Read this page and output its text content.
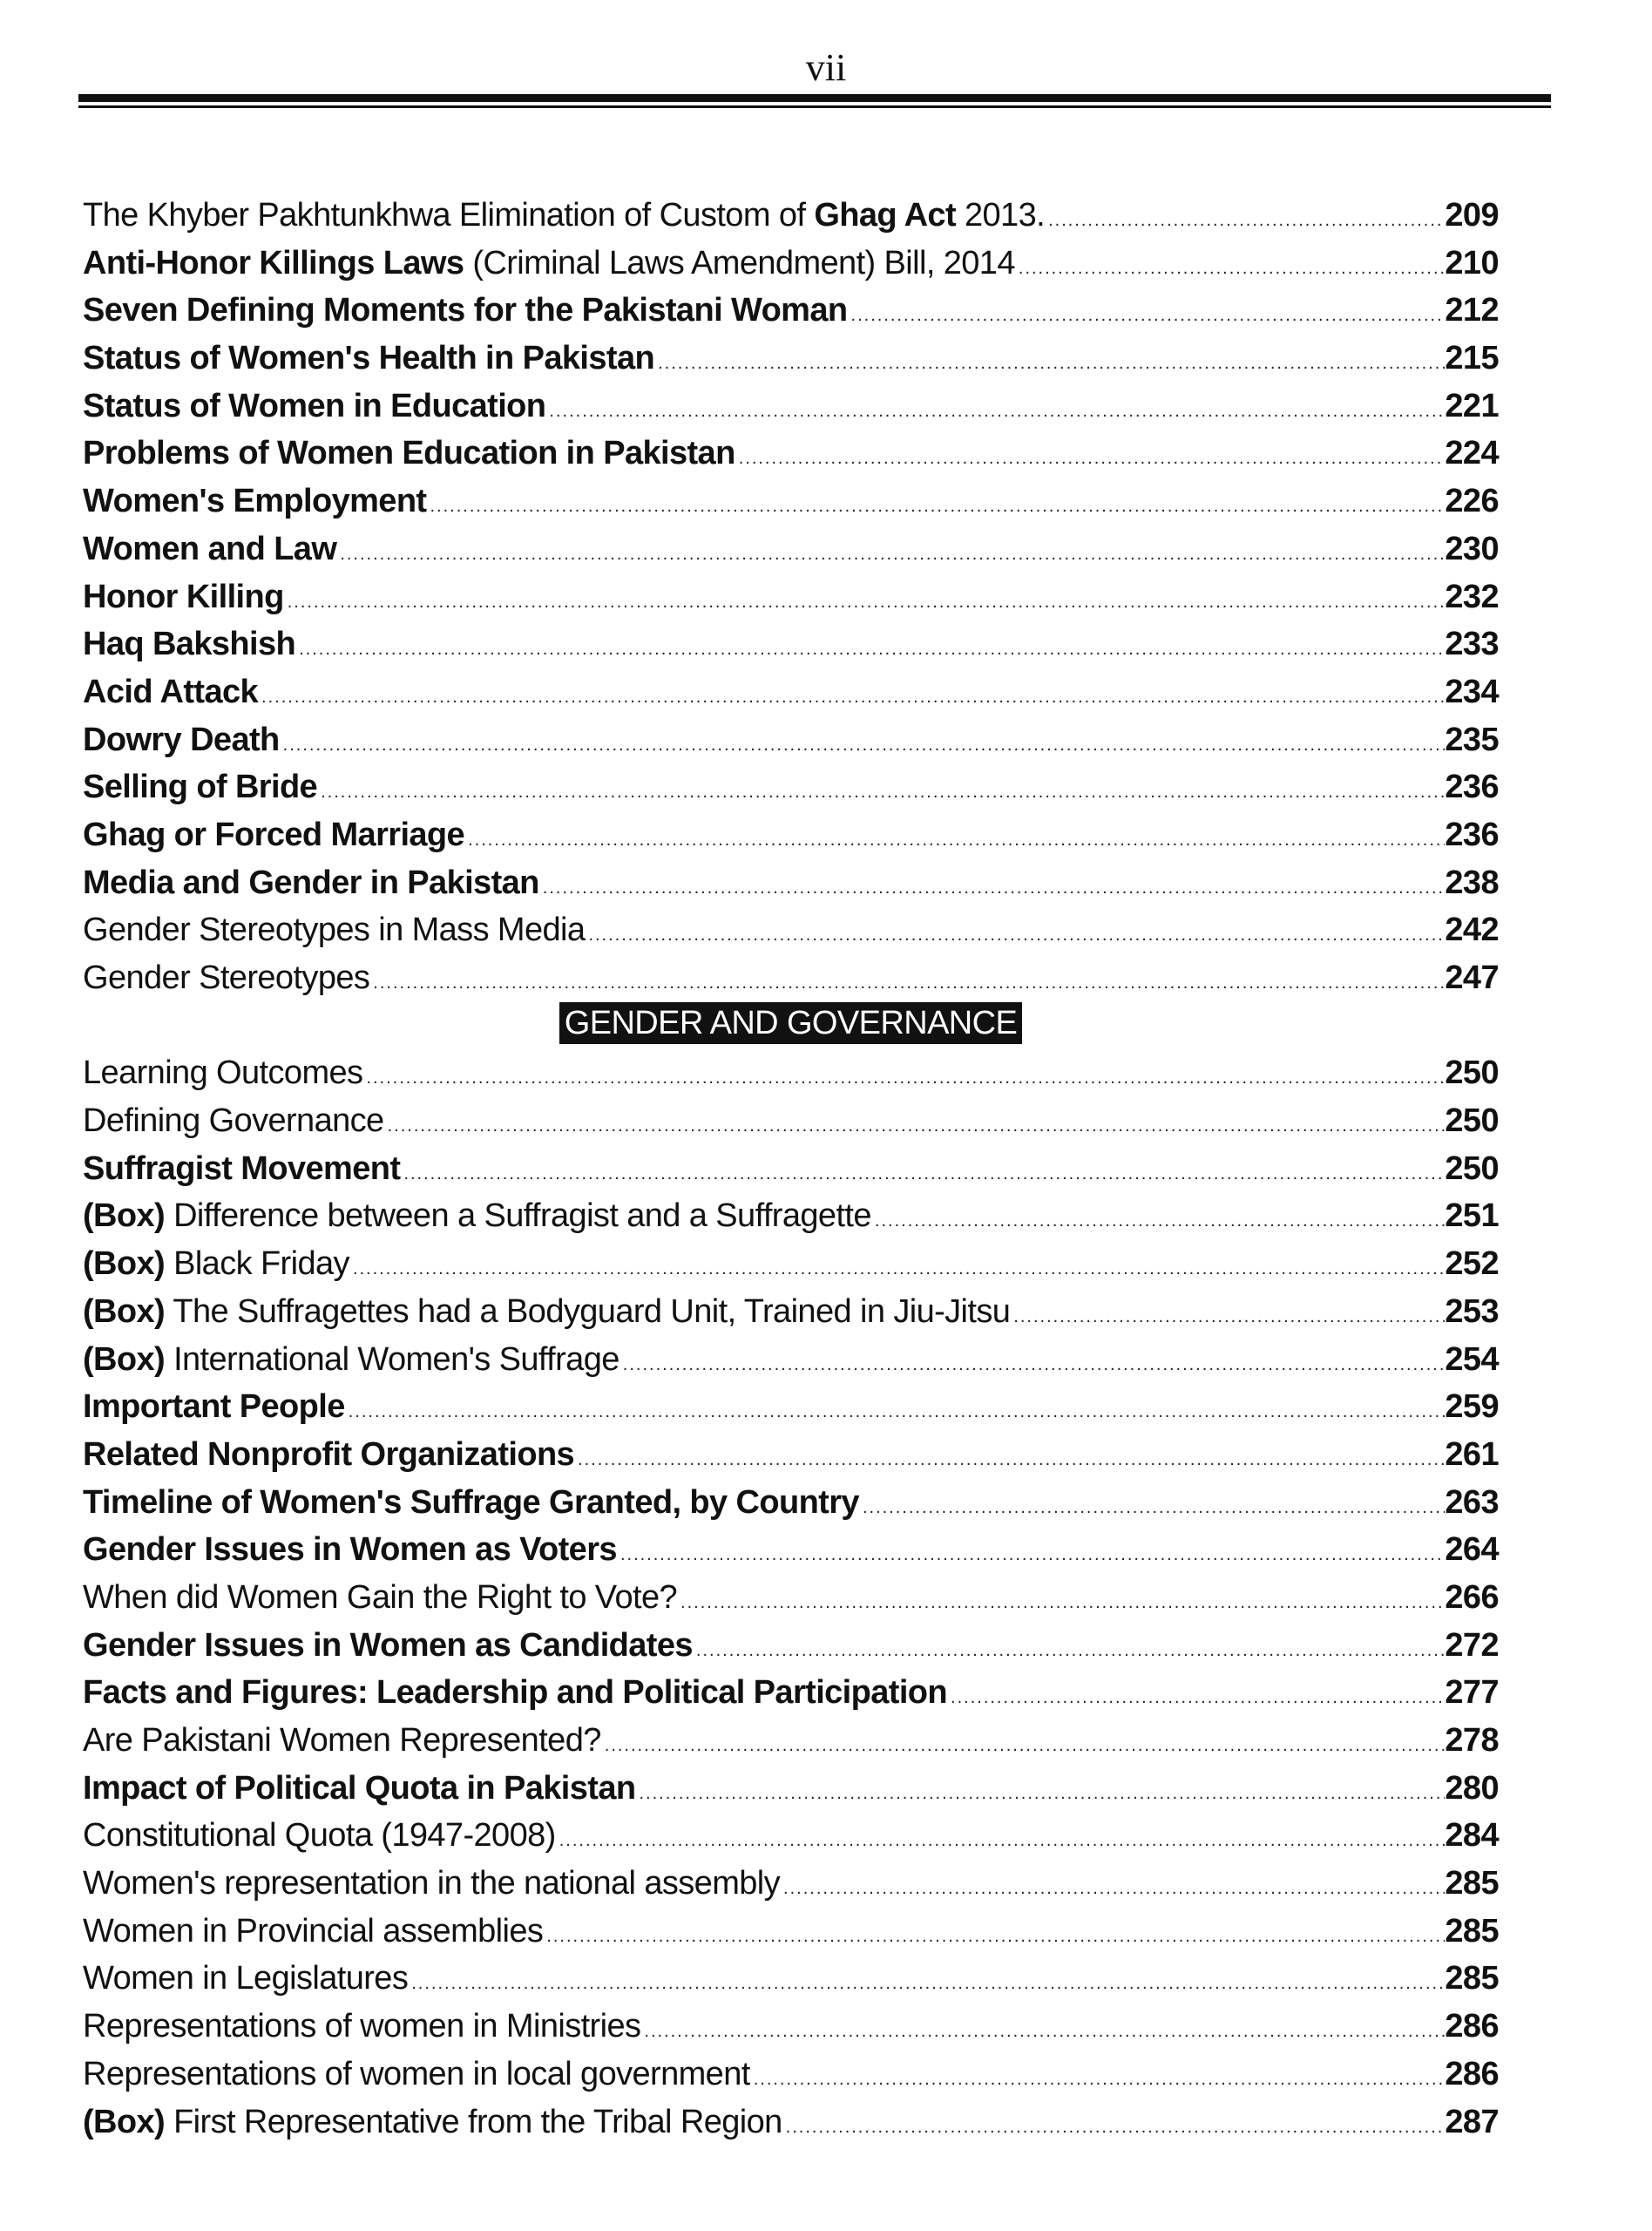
vii
The Khyber Pakhtunkhwa Elimination of Custom of Ghag Act 2013. .....	209
Anti-Honor Killings Laws (Criminal Laws Amendment) Bill, 2014 .....	210
Seven Defining Moments for the Pakistani Woman .....	212
Status of Women's Health in Pakistan .....	215
Status of Women in Education .....	221
Problems of Women Education in Pakistan .....	224
Women's Employment .....	226
Women and Law .....	230
Honor Killing .....	232
Haq Bakshish .....	233
Acid Attack .....	234
Dowry Death .....	235
Selling of Bride .....	236
Ghag or Forced Marriage .....	236
Media and Gender in Pakistan .....	238
Gender Stereotypes in Mass Media .....	242
Gender Stereotypes .....	247
GENDER AND GOVERNANCE
Learning Outcomes .....	250
Defining Governance .....	250
Suffragist Movement .....	250
(Box) Difference between a Suffragist and a Suffragette .....	251
(Box) Black Friday .....	252
(Box) The Suffragettes had a Bodyguard Unit, Trained in Jiu-Jitsu .....	253
(Box) International Women's Suffrage .....	254
Important People .....	259
Related Nonprofit Organizations .....	261
Timeline of Women's Suffrage Granted, by Country .....	263
Gender Issues in Women as Voters .....	264
When did Women Gain the Right to Vote? .....	266
Gender Issues in Women as Candidates .....	272
Facts and Figures: Leadership and Political Participation .....	277
Are Pakistani Women Represented? .....	278
Impact of Political Quota in Pakistan .....	280
Constitutional Quota (1947-2008) .....	284
Women's representation in the national assembly .....	285
Women in Provincial assemblies .....	285
Women in Legislatures .....	285
Representations of women in Ministries .....	286
Representations of women in local government .....	286
(Box) First Representative from the Tribal Region .....	287
